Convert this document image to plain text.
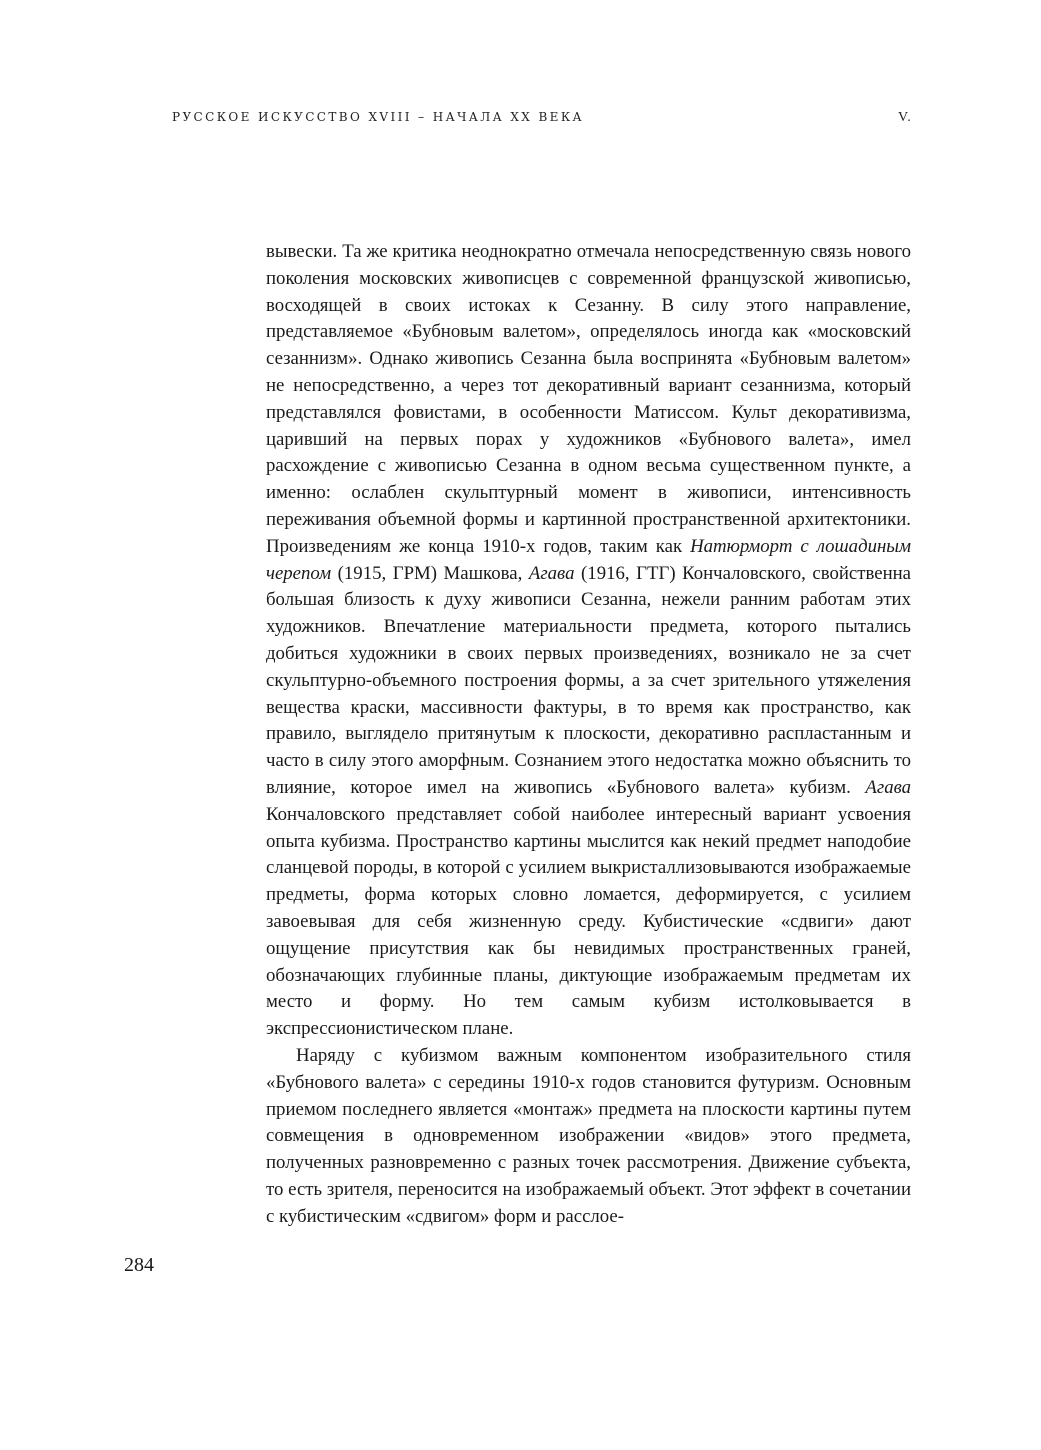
РУССКОЕ ИСКУССТВО XVIII – НАЧАЛА XX ВЕКА	V.

вывески. Та же критика неоднократно отмечала непосредственную связь нового поколения московских живописцев с современной французской живописью, восходящей в своих истоках к Сезанну. В силу этого направление, представляемое «Бубновым валетом», определялось иногда как «московский сезаннизм». Однако живопись Сезанна была воспринята «Бубновым валетом» не непосредственно, а через тот декоративный вариант сезаннизма, который представлялся фовистами, в особенности Матиссом. Культ декоративизма, царивший на первых порах у художников «Бубнового валета», имел расхождение с живописью Сезанна в одном весьма существенном пункте, а именно: ослаблен скульптурный момент в живописи, интенсивность переживания объемной формы и картинной пространственной архитектоники. Произведениям же конца 1910-х годов, таким как Натюрморт с лошадиным черепом (1915, ГРМ) Машкова, Агава (1916, ГТГ) Кончаловского, свойственна большая близость к духу живописи Сезанна, нежели ранним работам этих художников. Впечатление материальности предмета, которого пытались добиться художники в своих первых произведениях, возникало не за счет скульптурно-объемного построения формы, а за счет зрительного утяжеления вещества краски, массивности фактуры, в то время как пространство, как правило, выглядело притянутым к плоскости, декоративно распластанным и часто в силу этого аморфным. Сознанием этого недостатка можно объяснить то влияние, которое имел на живопись «Бубнового валета» кубизм. Агава Кончаловского представляет собой наиболее интересный вариант усвоения опыта кубизма. Пространство картины мыслится как некий предмет наподобие сланцевой породы, в которой с усилием выкристаллизовываются изображаемые предметы, форма которых словно ломается, деформируется, с усилием завоевывая для себя жизненную среду. Кубистические «сдвиги» дают ощущение присутствия как бы невидимых пространственных граней, обозначающих глубинные планы, диктующие изображаемым предметам их место и форму. Но тем самым кубизм истолковывается в экспрессионистическом плане.

Наряду с кубизмом важным компонентом изобразительного стиля «Бубнового валета» с середины 1910-х годов становится футуризм. Основным приемом последнего является «монтаж» предмета на плоскости картины путем совмещения в одновременном изображении «видов» этого предмета, полученных разновременно с разных точек рассмотрения. Движение субъекта, то есть зрителя, переносится на изображаемый объект. Этот эффект в сочетании с кубистическим «сдвигом» форм и расслое-

284
